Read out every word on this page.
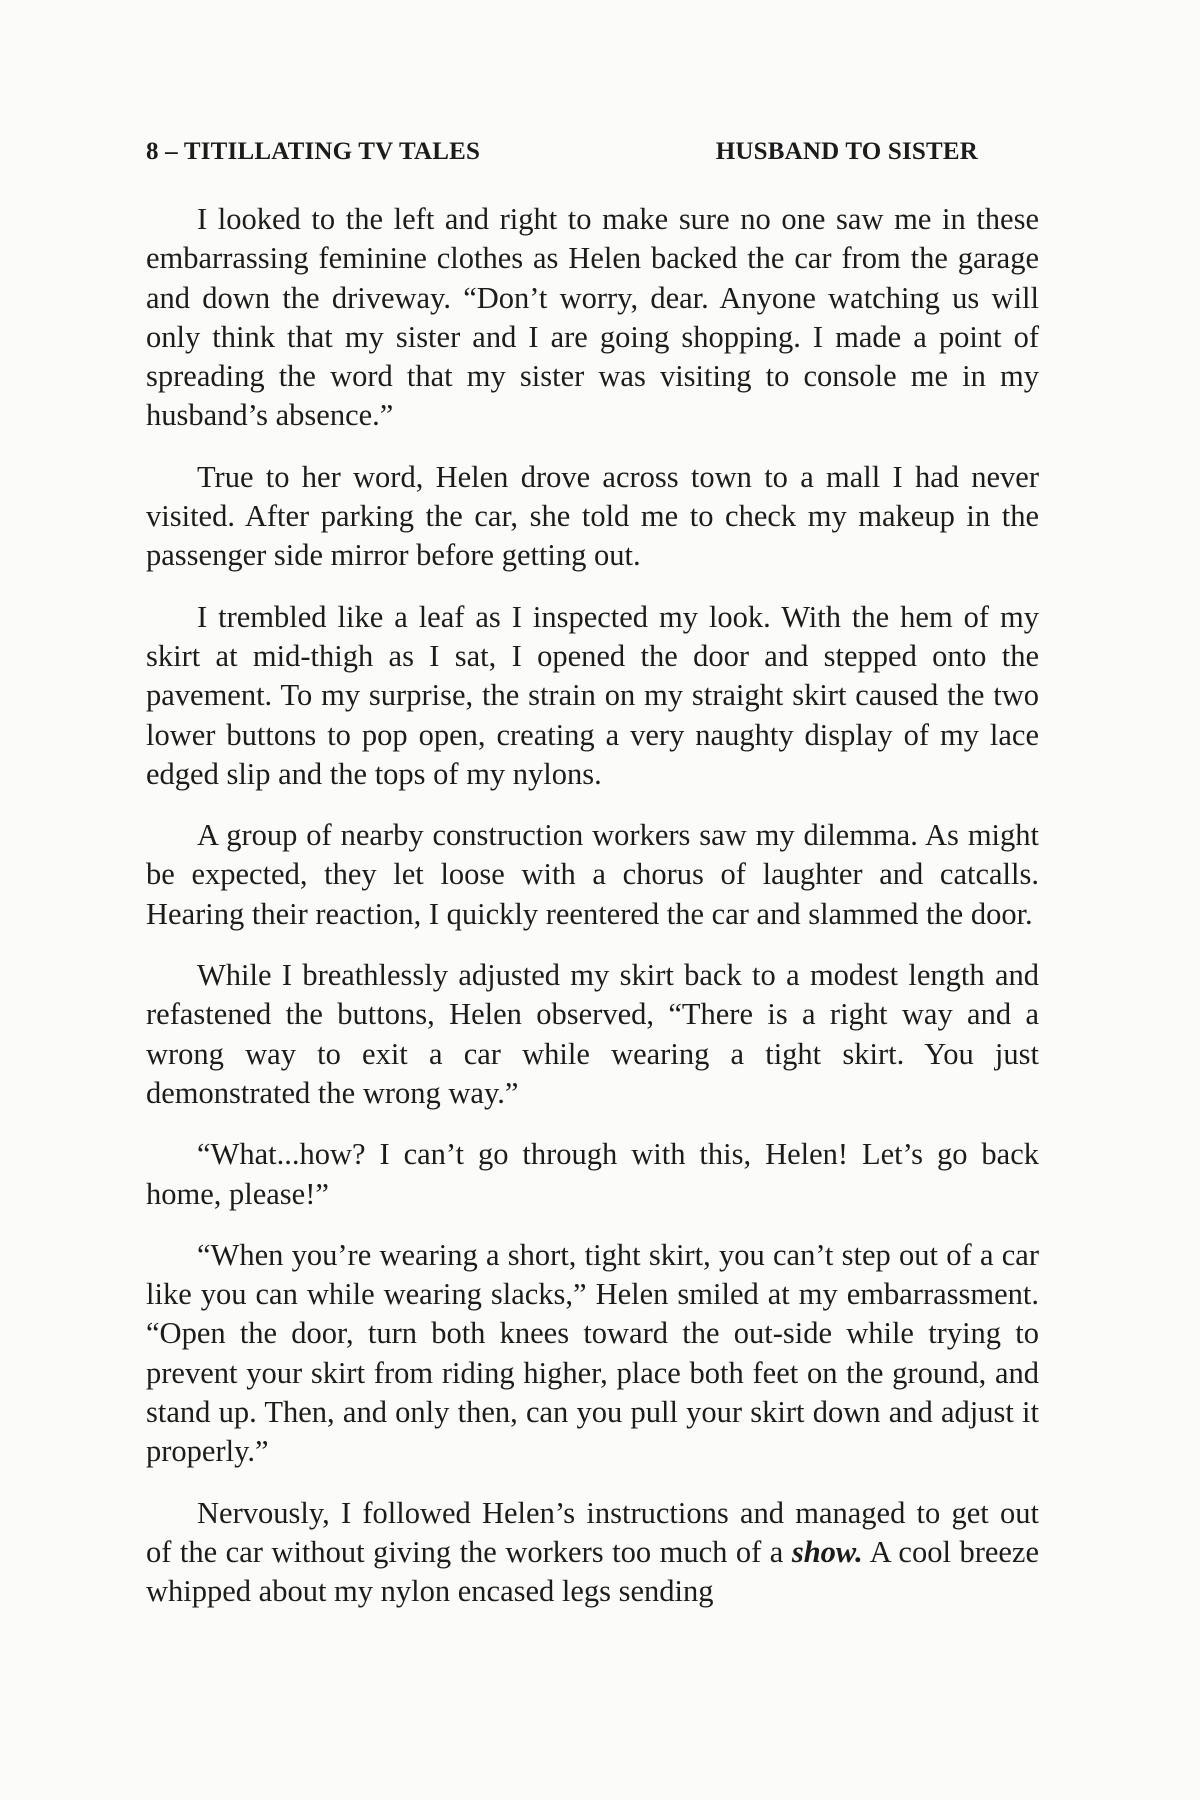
8 – TITILLATING TV TALES	HUSBAND TO SISTER

I looked to the left and right to make sure no one saw me in these embarrassing feminine clothes as Helen backed the car from the garage and down the driveway. “Don’t worry, dear. Anyone watching us will only think that my sister and I are going shopping. I made a point of spreading the word that my sister was visiting to console me in my husband’s absence.”

True to her word, Helen drove across town to a mall I had never visited. After parking the car, she told me to check my makeup in the passenger side mirror before getting out.

I trembled like a leaf as I inspected my look. With the hem of my skirt at mid-thigh as I sat, I opened the door and stepped onto the pavement. To my surprise, the strain on my straight skirt caused the two lower buttons to pop open, creating a very naughty display of my lace edged slip and the tops of my nylons.

A group of nearby construction workers saw my dilemma. As might be expected, they let loose with a chorus of laughter and catcalls. Hearing their reaction, I quickly reentered the car and slammed the door.

While I breathlessly adjusted my skirt back to a modest length and refastened the buttons, Helen observed, “There is a right way and a wrong way to exit a car while wearing a tight skirt. You just demonstrated the wrong way.”

“What...how? I can’t go through with this, Helen! Let’s go back home, please!”

“When you’re wearing a short, tight skirt, you can’t step out of a car like you can while wearing slacks,” Helen smiled at my embarrassment. “Open the door, turn both knees toward the out-side while trying to prevent your skirt from riding higher, place both feet on the ground, and stand up. Then, and only then, can you pull your skirt down and adjust it properly.”

Nervously, I followed Helen’s instructions and managed to get out of the car without giving the workers too much of a show. A cool breeze whipped about my nylon encased legs sending
